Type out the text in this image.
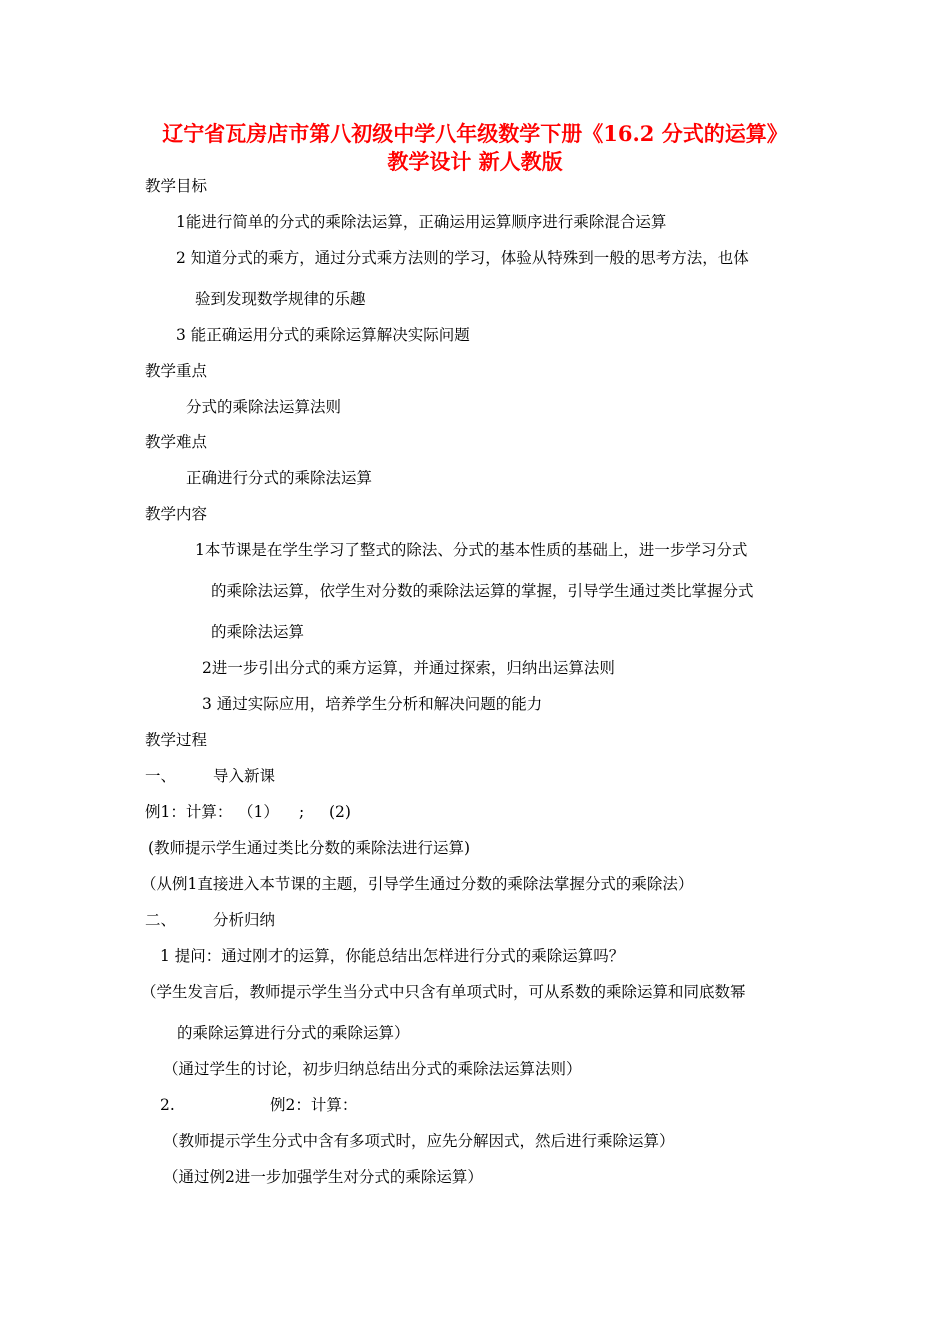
辽宁省瓦房店市第八初级中学八年级数学下册《16.2 分式的运算》
教学设计 新人教版
教学目标
1能进行简单的分式的乘除法运算，正确运用运算顺序进行乘除混合运算
2 知道分式的乘方，通过分式乘方法则的学习，体验从特殊到一般的思考方法，也体
验到发现数学规律的乐趣
3 能正确运用分式的乘除运算解决实际问题
教学重点
分式的乘除法运算法则
教学难点
正确进行分式的乘除法运算
教学内容
1本节课是在学生学习了整式的除法、分式的基本性质的基础上，进一步学习分式
的乘除法运算，依学生对分数的乘除法运算的掌握，引导学生通过类比掌握分式
的乘除法运算
2进一步引出分式的乘方运算，并通过探索，归纳出运算法则
3 通过实际应用，培养学生分析和解决问题的能力
教学过程
一、 导入新课
例1：计算： （1） ; (2)
(教师提示学生通过类比分数的乘除法进行运算)
（从例1直接进入本节课的主题，引导学生通过分数的乘除法掌握分式的乘除法）
二、 分析归纳
1 提问：通过刚才的运算，你能总结出怎样进行分式的乘除运算吗？
（学生发言后，教师提示学生当分式中只含有单项式时，可从系数的乘除运算和同底数幂
的乘除运算进行分式的乘除运算）
（通过学生的讨论，初步归纳总结出分式的乘除法运算法则）
2.	例2：计算：
（教师提示学生分式中含有多项式时，应先分解因式，然后进行乘除运算）
（通过例2进一步加强学生对分式的乘除运算）
